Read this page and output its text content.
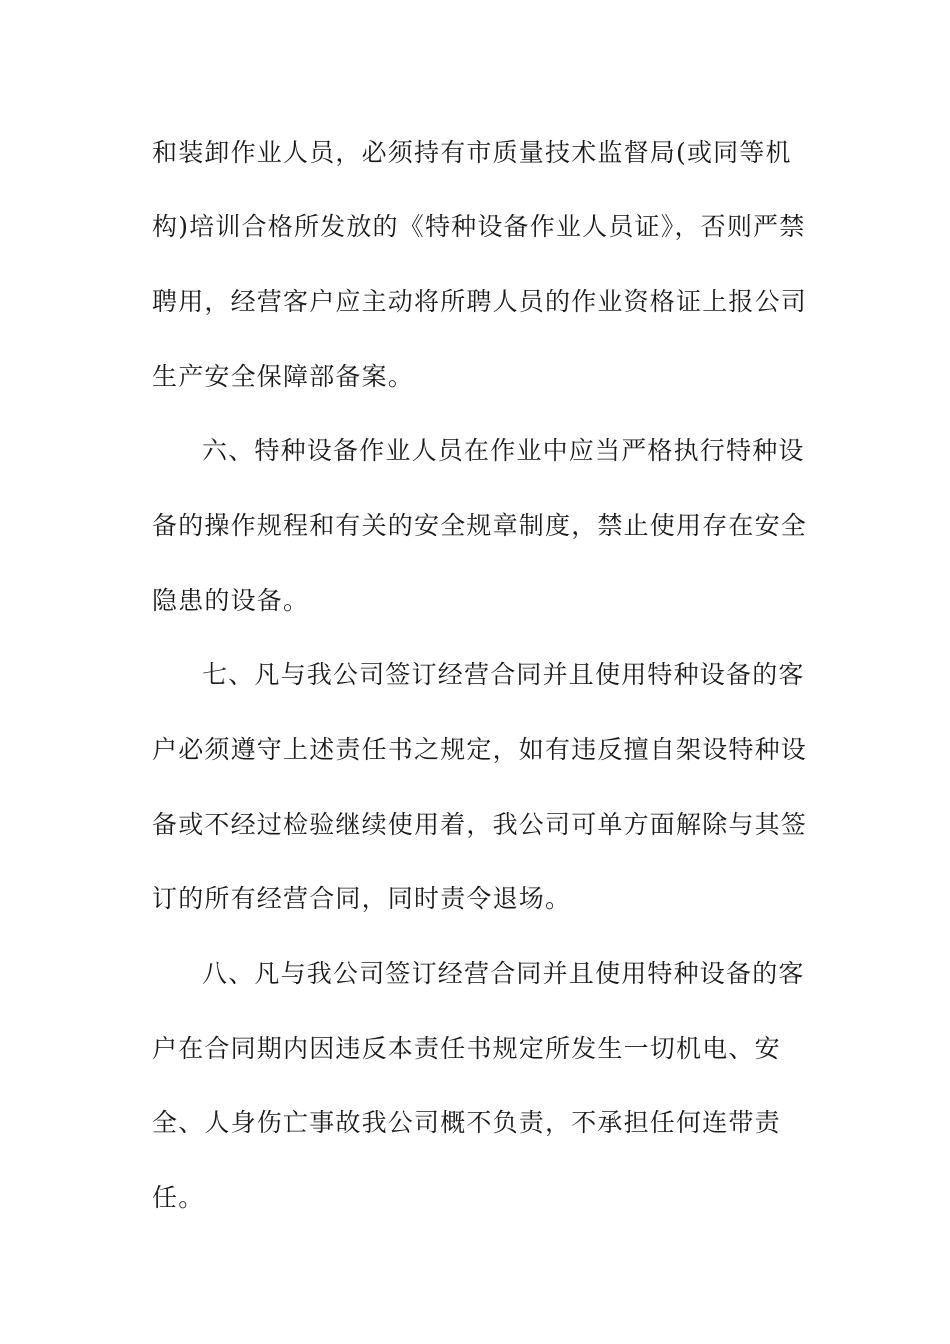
和装卸作业人员，必须持有市质量技术监督局(或同等机

构)培训合格所发放的《特种设备作业人员证》，否则严禁

聘用，经营客户应主动将所聘人员的作业资格证上报公司

生产安全保障部备案。

六、特种设备作业人员在作业中应当严格执行特种设

备的操作规程和有关的安全规章制度，禁止使用存在安全

隐患的设备。

七、凡与我公司签订经营合同并且使用特种设备的客

户必须遵守上述责任书之规定，如有违反擅自架设特种设

备或不经过检验继续使用着，我公司可单方面解除与其签

订的所有经营合同，同时责令退场。

八、凡与我公司签订经营合同并且使用特种设备的客

户在合同期内因违反本责任书规定所发生一切机电、安

全、人身伤亡事故我公司概不负责，不承担任何连带责

任。
